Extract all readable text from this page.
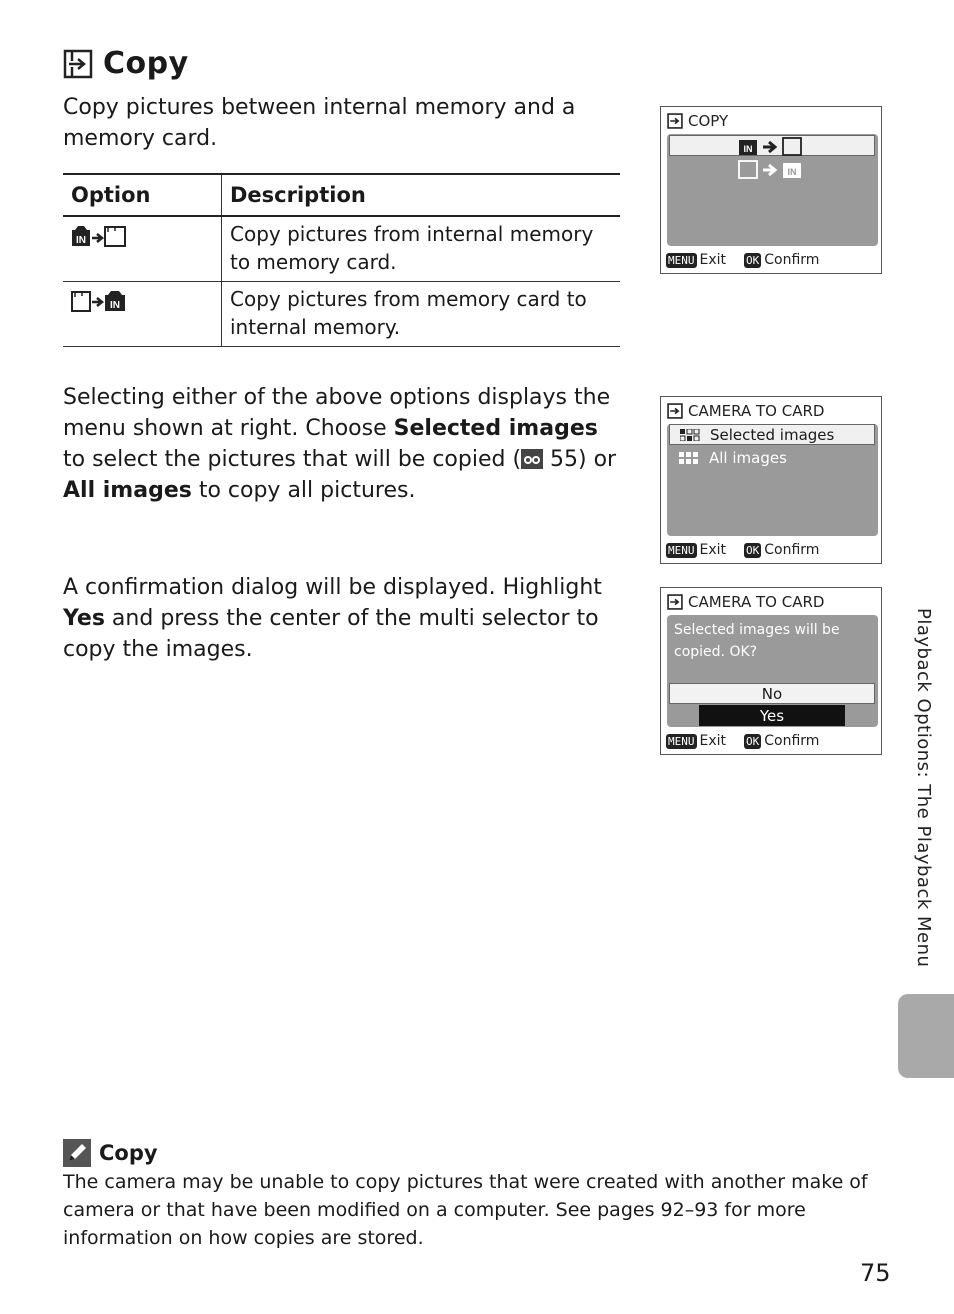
Copy
Copy pictures between internal memory and a memory card.
Option	Description

IN	Copy pictures from internal memory to memory card.

IN	Copy pictures from memory card to internal memory.
Selecting either of the above options displays the menu shown at right. Choose Selected images to select the pictures that will be copied ( 55) or All images to copy all pictures.
A confirmation dialog will be displayed. Highlight Yes and press the center of the multi selector to copy the images.
COPY
IN
IN
MENU Exit OK Confirm
CAMERA TO CARD
Selected images
All images
MENU Exit OK Confirm
CAMERA TO CARD
Selected images will be copied. OK?
No
Yes
MENU Exit OK Confirm	Playback Options: The Playback Menu
Copy
The camera may be unable to copy pictures that were created with another make of camera or that have been modified on a computer. See pages 92–93 for more information on how copies are stored.
75
